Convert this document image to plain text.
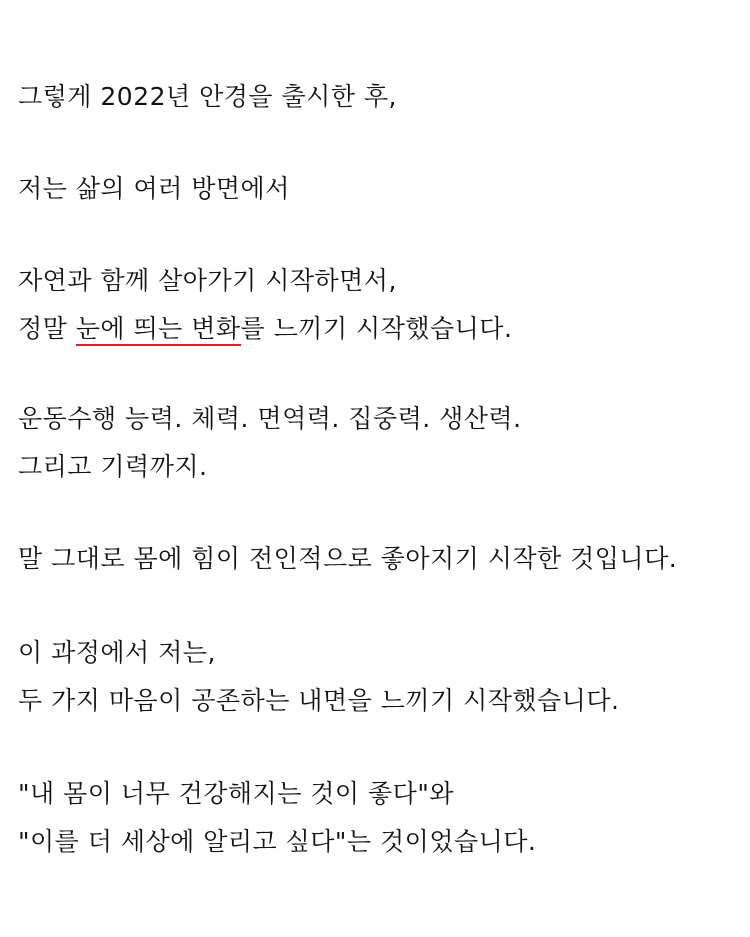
그렇게 2022년 안경을 출시한 후,
저는 삶의 여러 방면에서
자연과 함께 살아가기 시작하면서,
정말 눈에 띄는 변화를 느끼기 시작했습니다.
운동수행 능력. 체력. 면역력. 집중력. 생산력.
그리고 기력까지.
말 그대로 몸에 힘이 전인적으로 좋아지기 시작한 것입니다.
이 과정에서 저는,
두 가지 마음이 공존하는 내면을 느끼기 시작했습니다.
"내 몸이 너무 건강해지는 것이 좋다"와
"이를 더 세상에 알리고 싶다"는 것이었습니다.
